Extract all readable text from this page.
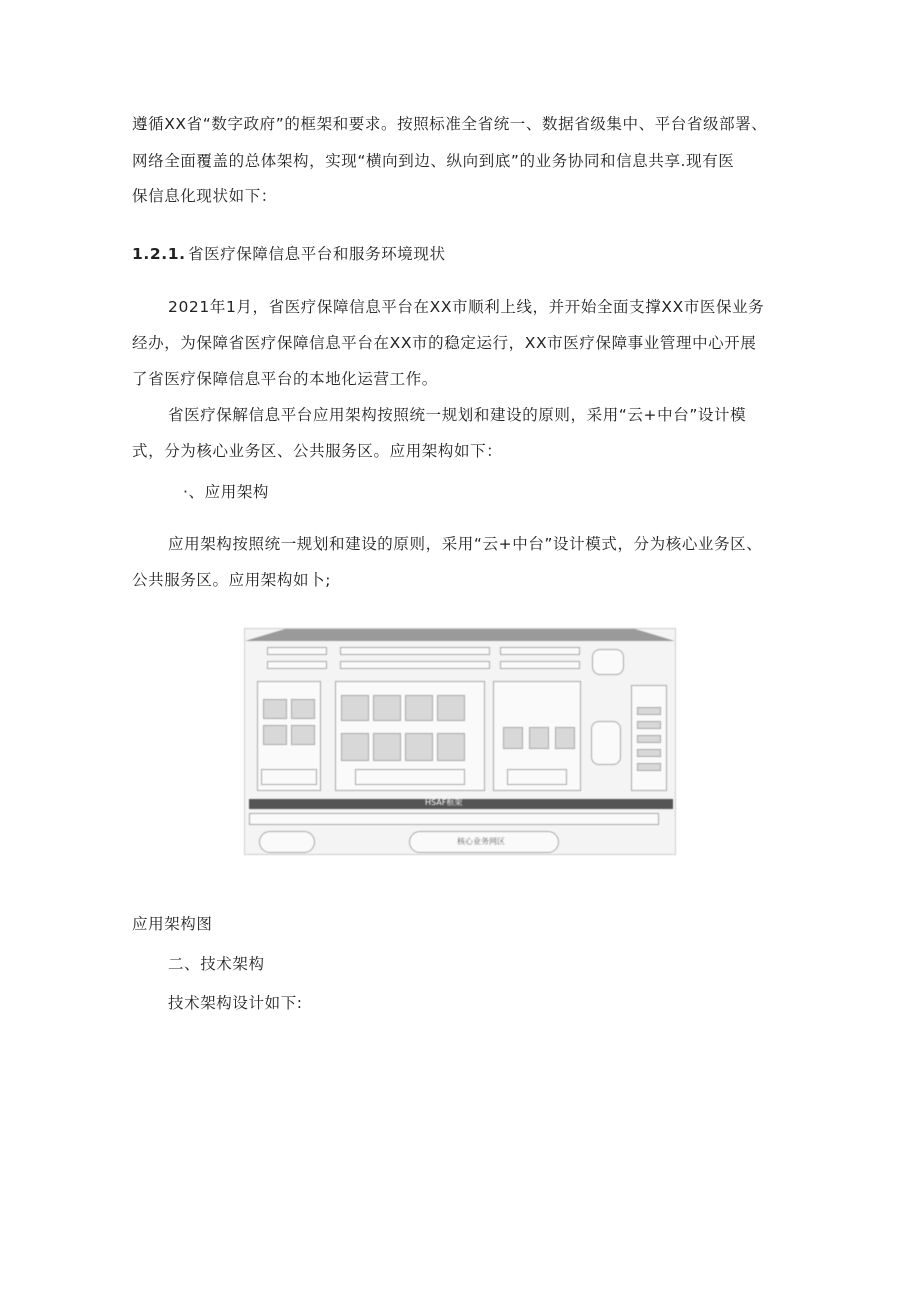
遵循XX省“数字政府”的框架和要求。按照标准全省统一、数据省级集中、平台省级部署、
网络全面覆盖的总体架构，实现“横向到边、纵向到底”的业务协同和信息共享.现有医
保信息化现状如下：
1.2.1. 省医疗保障信息平台和服务环境现状
2021年1月，省医疗保障信息平台在XX市顺利上线，并开始全面支撑XX市医保业务
经办，为保障省医疗保障信息平台在XX市的稳定运行，XX市医疗保障事业管理中心开展
了省医疗保障信息平台的本地化运营工作。
省医疗保解信息平台应用架构按照统一规划和建设的原则，采用“云+中台”设计模
式，分为核心业务区、公共服务区。应用架构如下：
·、应用架构
应用架构按照统一规划和建设的原则，采用“云+中台”设计模式，分为核心业务区、
公共服务区。应用架构如卜;
HSAF框架
核心业务网区
应用架构图
二、技术架构
技术架构设计如下:
